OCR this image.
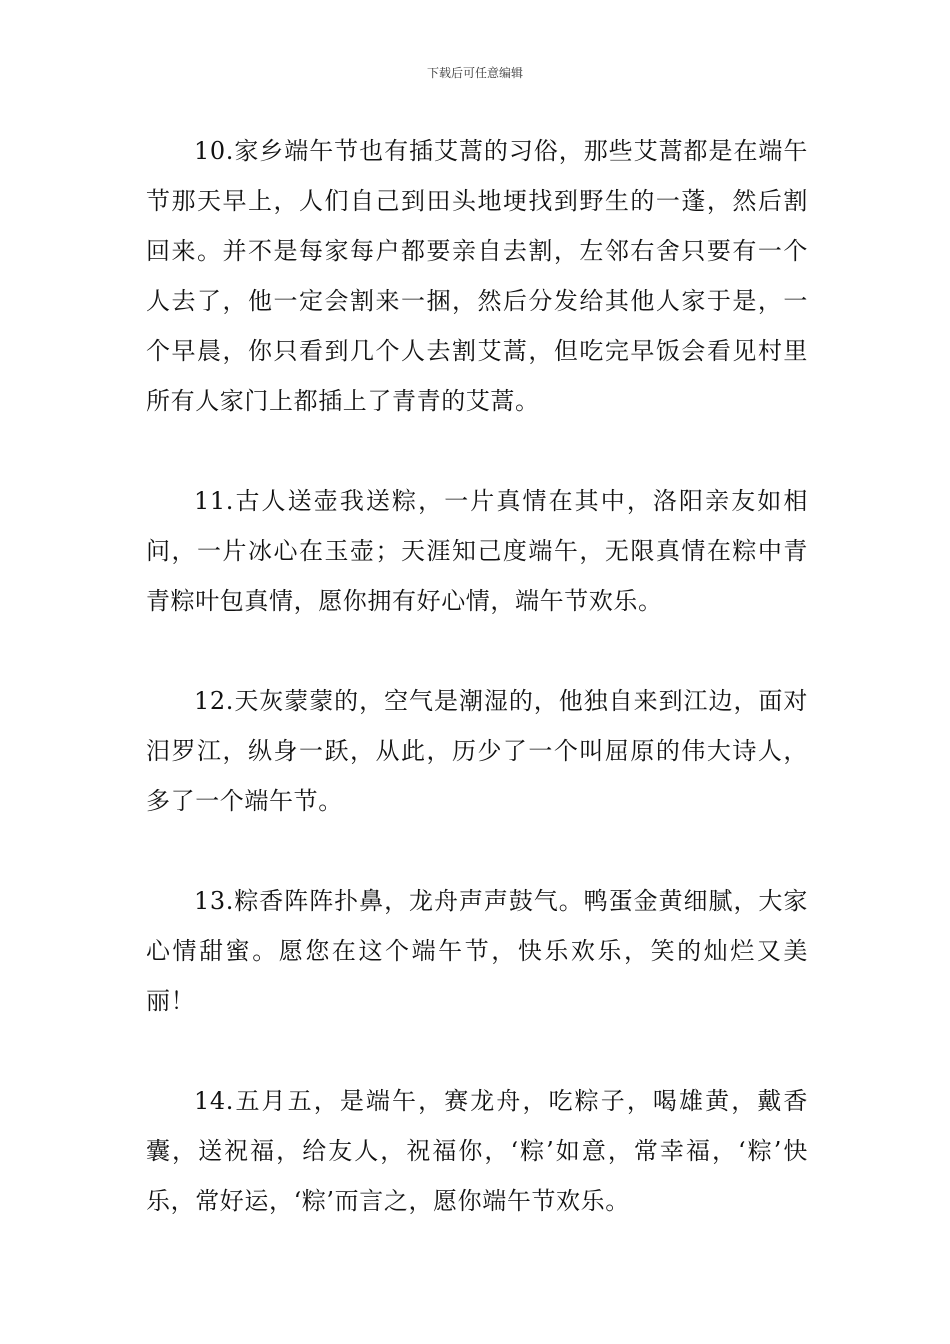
下载后可任意编辑

10.家乡端午节也有插艾蒿的习俗，那些艾蒿都是在端午节那天早上，人们自己到田头地埂找到野生的一蓬，然后割回来。并不是每家每户都要亲自去割，左邻右舍只要有一个人去了，他一定会割来一捆，然后分发给其他人家于是，一个早晨，你只看到几个人去割艾蒿，但吃完早饭会看见村里所有人家门上都插上了青青的艾蒿。

11.古人送壶我送粽，一片真情在其中，洛阳亲友如相问，一片冰心在玉壶；天涯知己度端午，无限真情在粽中青青粽叶包真情，愿你拥有好心情，端午节欢乐。

12.天灰蒙蒙的，空气是潮湿的，他独自来到江边，面对汨罗江，纵身一跃，从此，历少了一个叫屈原的伟大诗人，多了一个端午节。

13.粽香阵阵扑鼻，龙舟声声鼓气。鸭蛋金黄细腻，大家心情甜蜜。愿您在这个端午节，快乐欢乐，笑的灿烂又美丽！

14.五月五，是端午，赛龙舟，吃粽子，喝雄黄，戴香囊，送祝福，给友人，祝福你，‘粽’如意，常幸福，‘粽’快乐，常好运，‘粽’而言之，愿你端午节欢乐。
